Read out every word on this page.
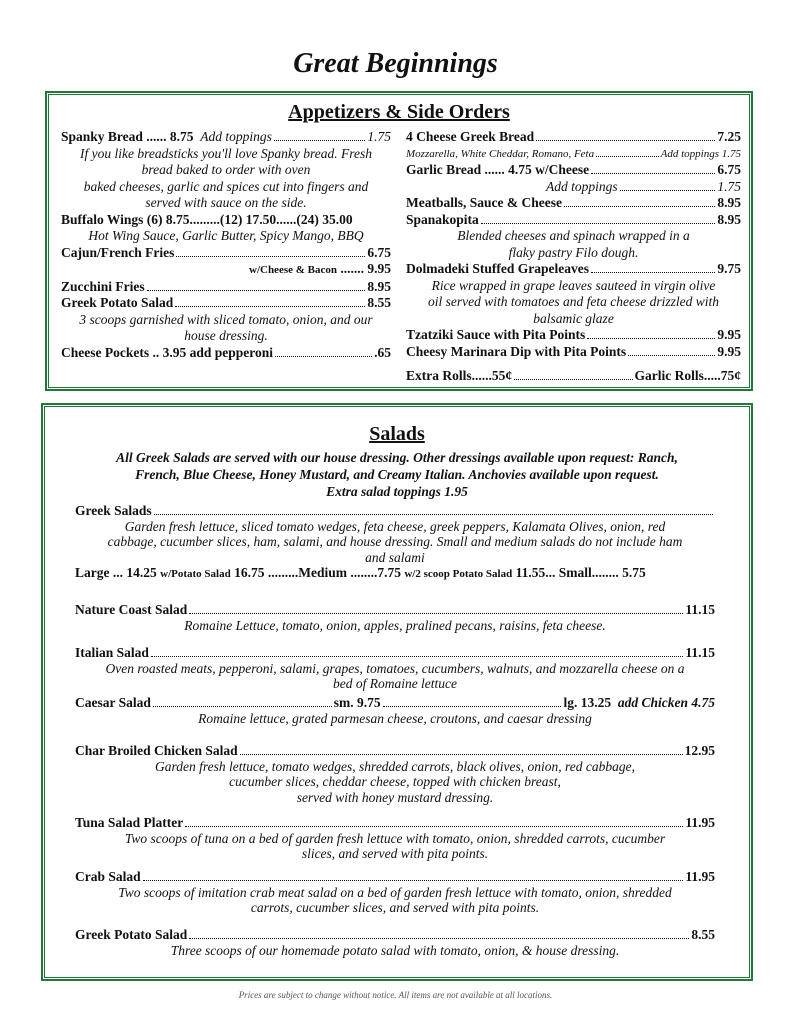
Great Beginnings
Appetizers & Side Orders
Spanky Bread ...... 8.75
Add toppings	1.75
If you like breadsticks you'll love Spanky bread. Fresh
bread baked to order with oven
baked cheeses, garlic and spices cut into fingers and
served with sauce on the side.
Buffalo Wings (6) 8.75 ......... (12) 17.50 ...... (24) 35.00
Hot Wing Sauce, Garlic Butter, Spicy Mango, BBQ
Cajun/French Fries	6.75
w/Cheese & Bacon ....... 9.95
Zucchini Fries	8.95
Greek Potato Salad	8.55
3 scoops garnished with sliced tomato, onion, and our
house dressing.
Cheese Pockets .. 3.95 add pepperoni	.65
4 Cheese Greek Bread	7.25
Mozzarella, White Cheddar, Romano, Feta	Add toppings
1.75
Garlic Bread ...... 4.75 w/Cheese	6.75
Add toppings	1.75
Meatballs, Sauce & Cheese	8.95
Spanakopita	8.95
Blended cheeses and spinach wrapped in a
flaky pastry Filo dough.
Dolmadeki Stuffed Grapeleaves	9.75
Rice wrapped in grape leaves sauteed in virgin olive
oil served with tomatoes and feta cheese drizzled with
balsamic glaze
Tzatziki Sauce with Pita Points	9.95
Cheesy Marinara Dip with Pita Points	9.95
Extra Rolls......55¢	Garlic Rolls.....75¢
Salads
All Greek Salads are served with our house dressing. Other dressings available upon request: Ranch,
French, Blue Cheese, Honey Mustard, and Creamy Italian. Anchovies available upon request.
Extra salad toppings 1.95
Greek Salads
Garden fresh lettuce, sliced tomato wedges, feta cheese, greek peppers, Kalamata Olives, onion, red
cabbage, cucumber slices, ham, salami, and house dressing. Small and medium salads do not include ham
and salami
Large ... 14.25
w/Potato Salad
16.75 .........Medium ........7.75
w/2 scoop Potato Salad
11.55... Small........ 5.75
Nature Coast Salad	11.15
Romaine Lettuce, tomato, onion, apples, pralined pecans, raisins, feta cheese.
Italian Salad	11.15
Oven roasted meats, pepperoni, salami, grapes, tomatoes, cucumbers, walnuts, and mozzarella cheese on a
bed of Romaine lettuce
Caesar Salad	sm. 9.75	lg. 13.25
add Chicken 4.75
Romaine lettuce, grated parmesan cheese, croutons, and caesar dressing
Char Broiled Chicken Salad	12.95
Garden fresh lettuce, tomato wedges, shredded carrots, black olives, onion, red cabbage,
cucumber slices, cheddar cheese, topped with chicken breast,
served with honey mustard dressing.
Tuna Salad Platter	11.95
Two scoops of tuna on a bed of garden fresh lettuce with tomato, onion, shredded carrots, cucumber
slices, and served with pita points.
Crab Salad	11.95
Two scoops of imitation crab meat salad on a bed of garden fresh lettuce with tomato, onion, shredded
carrots, cucumber slices, and served with pita points.
Greek Potato Salad	8.55
Three scoops of our homemade potato salad with tomato, onion, & house dressing.
Prices are subject to change without notice. All items are not available at all locations.
